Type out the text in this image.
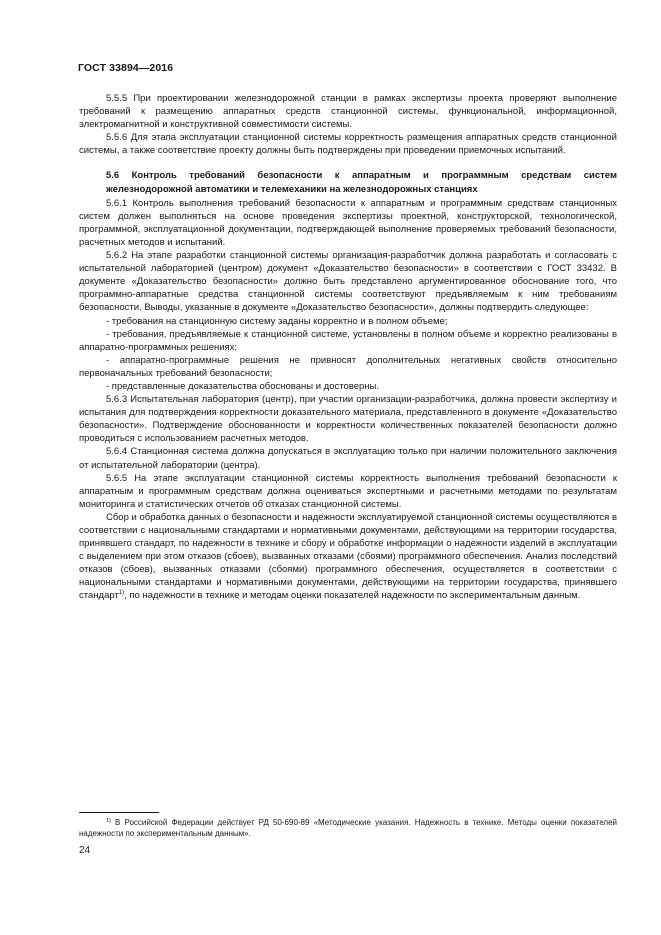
ГОСТ 33894—2016

5.5.5 При проектировании железнодорожной станции в рамках экспертизы проекта проверяют выполнение требований к размещению аппаратных средств станционной системы, функциональной, информационной, электромагнитной и конструктивной совместимости системы.

5.5.6 Для этапа эксплуатации станционной системы корректность размещения аппаратных средств станционной системы, а также соответствие проекту должны быть подтверждены при проведении приемочных испытаний.

5.6 Контроль требований безопасности к аппаратным и программным средствам систем железнодорожной автоматики и телемеханики на железнодорожных станциях

5.6.1 Контроль выполнения требований безопасности к аппаратным и программным средствам станционных систем должен выполняться на основе проведения экспертизы проектной, конструкторской, технологической, программной, эксплуатационной документации, подтверждающей выполнение проверяемых требований безопасности, расчетных методов и испытаний.

5.6.2 На этапе разработки станционной системы организация-разработчик должна разработать и согласовать с испытательной лабораторией (центром) документ «Доказательство безопасности» в соответствии с ГОСТ 33432. В документе «Доказательство безопасности» должно быть представлено аргументированное обоснование того, что программно-аппаратные средства станционной системы соответствуют предъявляемым к ним требованиям безопасности. Выводы, указанные в документе «Доказательство безопасности», должны подтвердить следующее:

- требования на станционную систему заданы корректно и в полном объеме;

- требования, предъявляемые к станционной системе, установлены в полном объеме и корректно реализованы в аппаратно-программных решениях;

- аппаратно-программные решения не привносят дополнительных негативных свойств относительно первоначальных требований безопасности;

- представленные доказательства обоснованы и достоверны.

5.6.3 Испытательная лаборатория (центр), при участии организации-разработчика, должна провести экспертизу и испытания для подтверждения корректности доказательного материала, представленного в документе «Доказательство безопасности». Подтверждение обоснованности и корректности количественных показателей безопасности должно проводиться с использованием расчетных методов.

5.6.4 Станционная система должна допускаться в эксплуатацию только при наличии положительного заключения от испытательной лаборатории (центра).

5.6.5 На этапе эксплуатации станционной системы корректность выполнения требований безопасности к аппаратным и программным средствам должна оцениваться экспертными и расчетными методами по результатам мониторинга и статистических отчетов об отказах станционной системы.

Сбор и обработка данных о безопасности и надежности эксплуатируемой станционной системы осуществляются в соответствии с национальными стандартами и нормативными документами, действующими на территории государства, принявшего стандарт, по надежности в технике и сбору и обработке информации о надежности изделий в эксплуатации с выделением при этом отказов (сбоев), вызванных отказами (сбоями) программного обеспечения. Анализ последствий отказов (сбоев), вызванных отказами (сбоями) программного обеспечения, осуществляется в соответствии с национальными стандартами и нормативными документами, действующими на территории государства, принявшего стандарт$^{1)}$, по надежности в технике и методам оценки показателей надежности по экспериментальным данным.

$^{1)}$ В Российской Федерации действует РД 50-690-89 «Методические указания. Надежность в технике. Методы оценки показателей надежности по экспериментальным данным».
24
